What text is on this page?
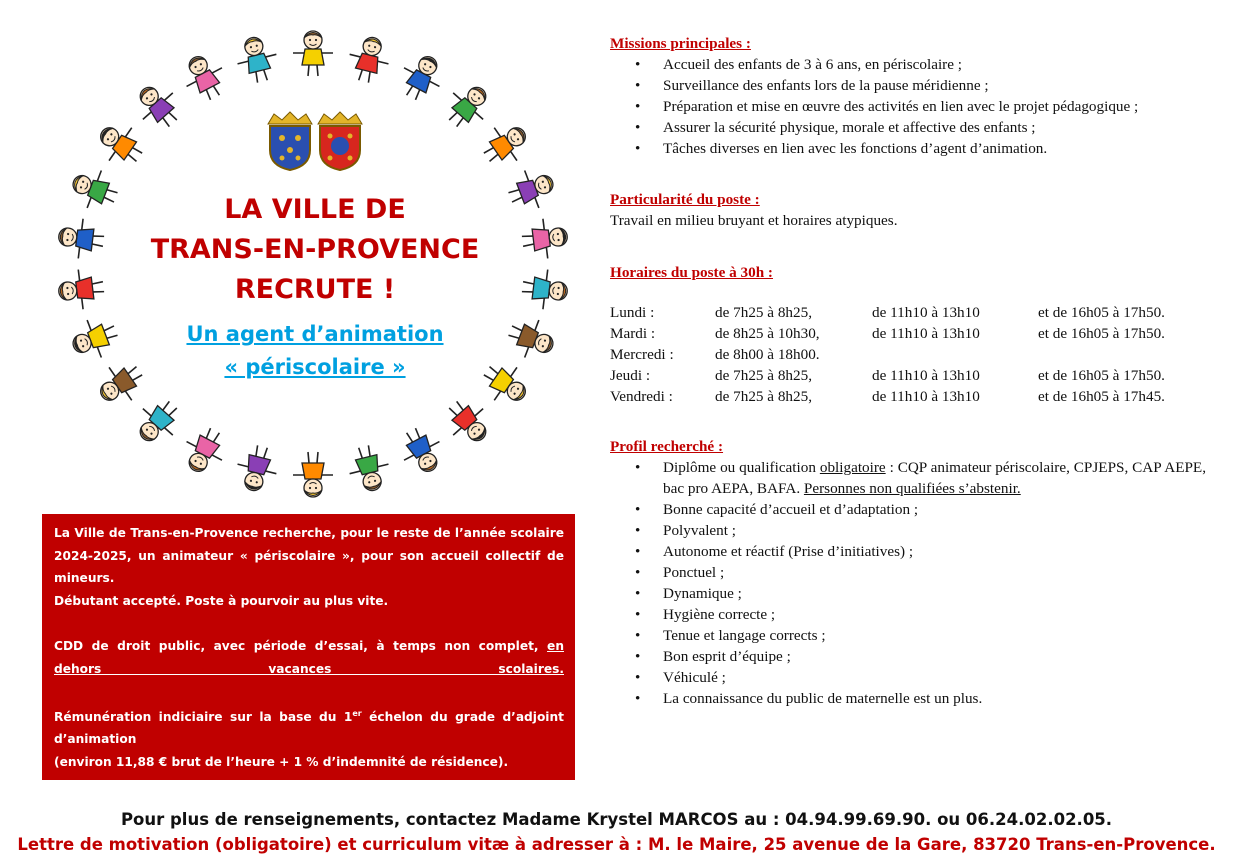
LA VILLE DE
TRANS-EN-PROVENCE
RECRUTE !
Un agent d’animation
« périscolaire »

La Ville de Trans-en-Provence recherche, pour le reste de l’année scolaire 2024-2025, un animateur « périscolaire », pour son accueil collectif de mineurs.

Débutant accepté. Poste à pourvoir au plus vite.

CDD de droit public, avec période d’essai, à temps non complet, en dehors vacances scolaires.

Rémunération indiciaire sur la base du 1er échelon du grade d’adjoint d’animation

(environ 11,88 € brut de l’heure + 1 % d’indemnité de résidence).

Missions principales :
• Accueil des enfants de 3 à 6 ans, en périscolaire ;
• Surveillance des enfants lors de la pause méridienne ;
• Préparation et mise en œuvre des activités en lien avec le projet pédagogique ;
• Assurer la sécurité physique, morale et affective des enfants ;
• Tâches diverses en lien avec les fonctions d’agent d’animation.
Particularité du poste :

Travail en milieu bruyant et horaires atypiques.

Horaires du poste à 30h :
Lundi :	de 7h25 à 8h25,	de 11h10 à 13h10	et de 16h05 à 17h50.
Mardi :	de 8h25 à 10h30,	de 11h10 à 13h10	et de 16h05 à 17h50.
Mercredi :	de 8h00 à 18h00.		
Jeudi :	de 7h25 à 8h25,	de 11h10 à 13h10	et de 16h05 à 17h50.
Vendredi :	de 7h25 à 8h25,	de 11h10 à 13h10	et de 16h05 à 17h45.
Profil recherché :
• Diplôme ou qualification obligatoire : CQP animateur périscolaire, CPJEPS, CAP AEPE, bac pro AEPA, BAFA. Personnes non qualifiées s’abstenir.
• Bonne capacité d’accueil et d’adaptation ;
• Polyvalent ;
• Autonome et réactif (Prise d’initiatives) ;
• Ponctuel ;
• Dynamique ;
• Hygiène correcte ;
• Tenue et langage corrects ;
• Bon esprit d’équipe ;
• Véhiculé ;
• La connaissance du public de maternelle est un plus.
Pour plus de renseignements, contactez Madame Krystel MARCOS au : 04.94.99.69.90. ou 06.24.02.02.05.
Lettre de motivation (obligatoire) et curriculum vitæ à adresser à : M. le Maire, 25 avenue de la Gare, 83720 Trans-en-Provence.
